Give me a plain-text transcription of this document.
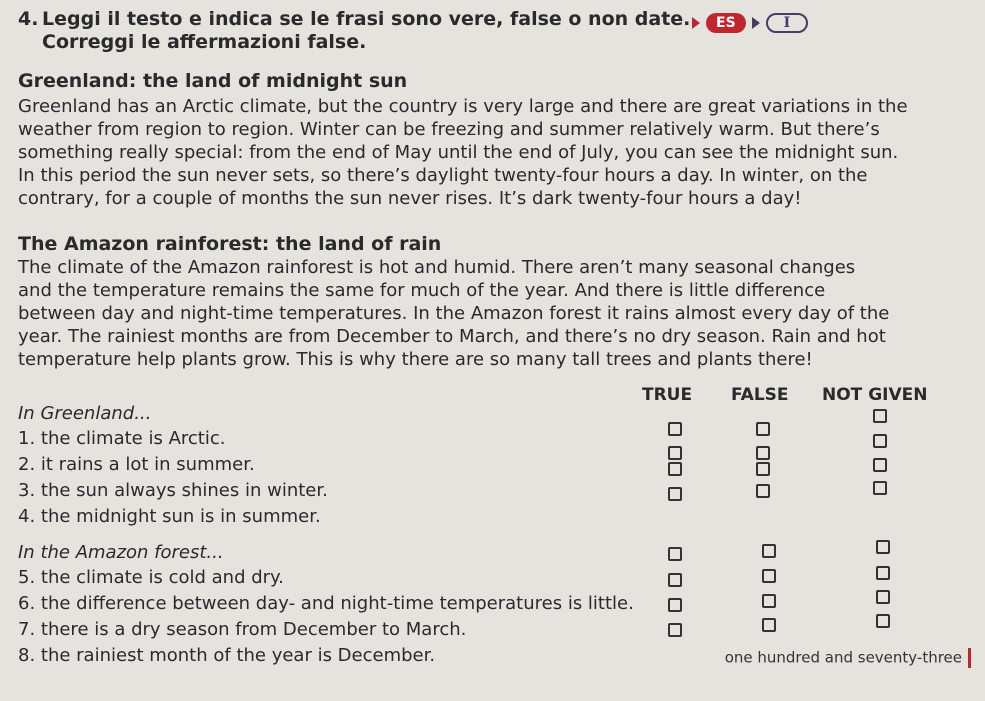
4. Leggi il testo e indica se le frasi sono vere, false o non date.
Correggi le affermazioni false.
ES	I
Greenland: the land of midnight sun
Greenland has an Arctic climate, but the country is very large and there are great variations in the
weather from region to region. Winter can be freezing and summer relatively warm. But there’s
something really special: from the end of May until the end of July, you can see the midnight sun.
In this period the sun never sets, so there’s daylight twenty-four hours a day. In winter, on the
contrary, for a couple of months the sun never rises. It’s dark twenty-four hours a day!
The Amazon rainforest: the land of rain
The climate of the Amazon rainforest is hot and humid. There aren’t many seasonal changes
and the temperature remains the same for much of the year. And there is little difference
between day and night-time temperatures. In the Amazon forest it rains almost every day of the
year. The rainiest months are from December to March, and there’s no dry season. Rain and hot
temperature help plants grow. This is why there are so many tall trees and plants there!
TRUE FALSE NOT GIVEN
In Greenland...
1. the climate is Arctic.
2. it rains a lot in summer.
3. the sun always shines in winter.
4. the midnight sun is in summer.
In the Amazon forest...
5. the climate is cold and dry.
6. the difference between day- and night-time temperatures is little.
7. there is a dry season from December to March.
8. the rainiest month of the year is December.	one hundred and seventy-three
